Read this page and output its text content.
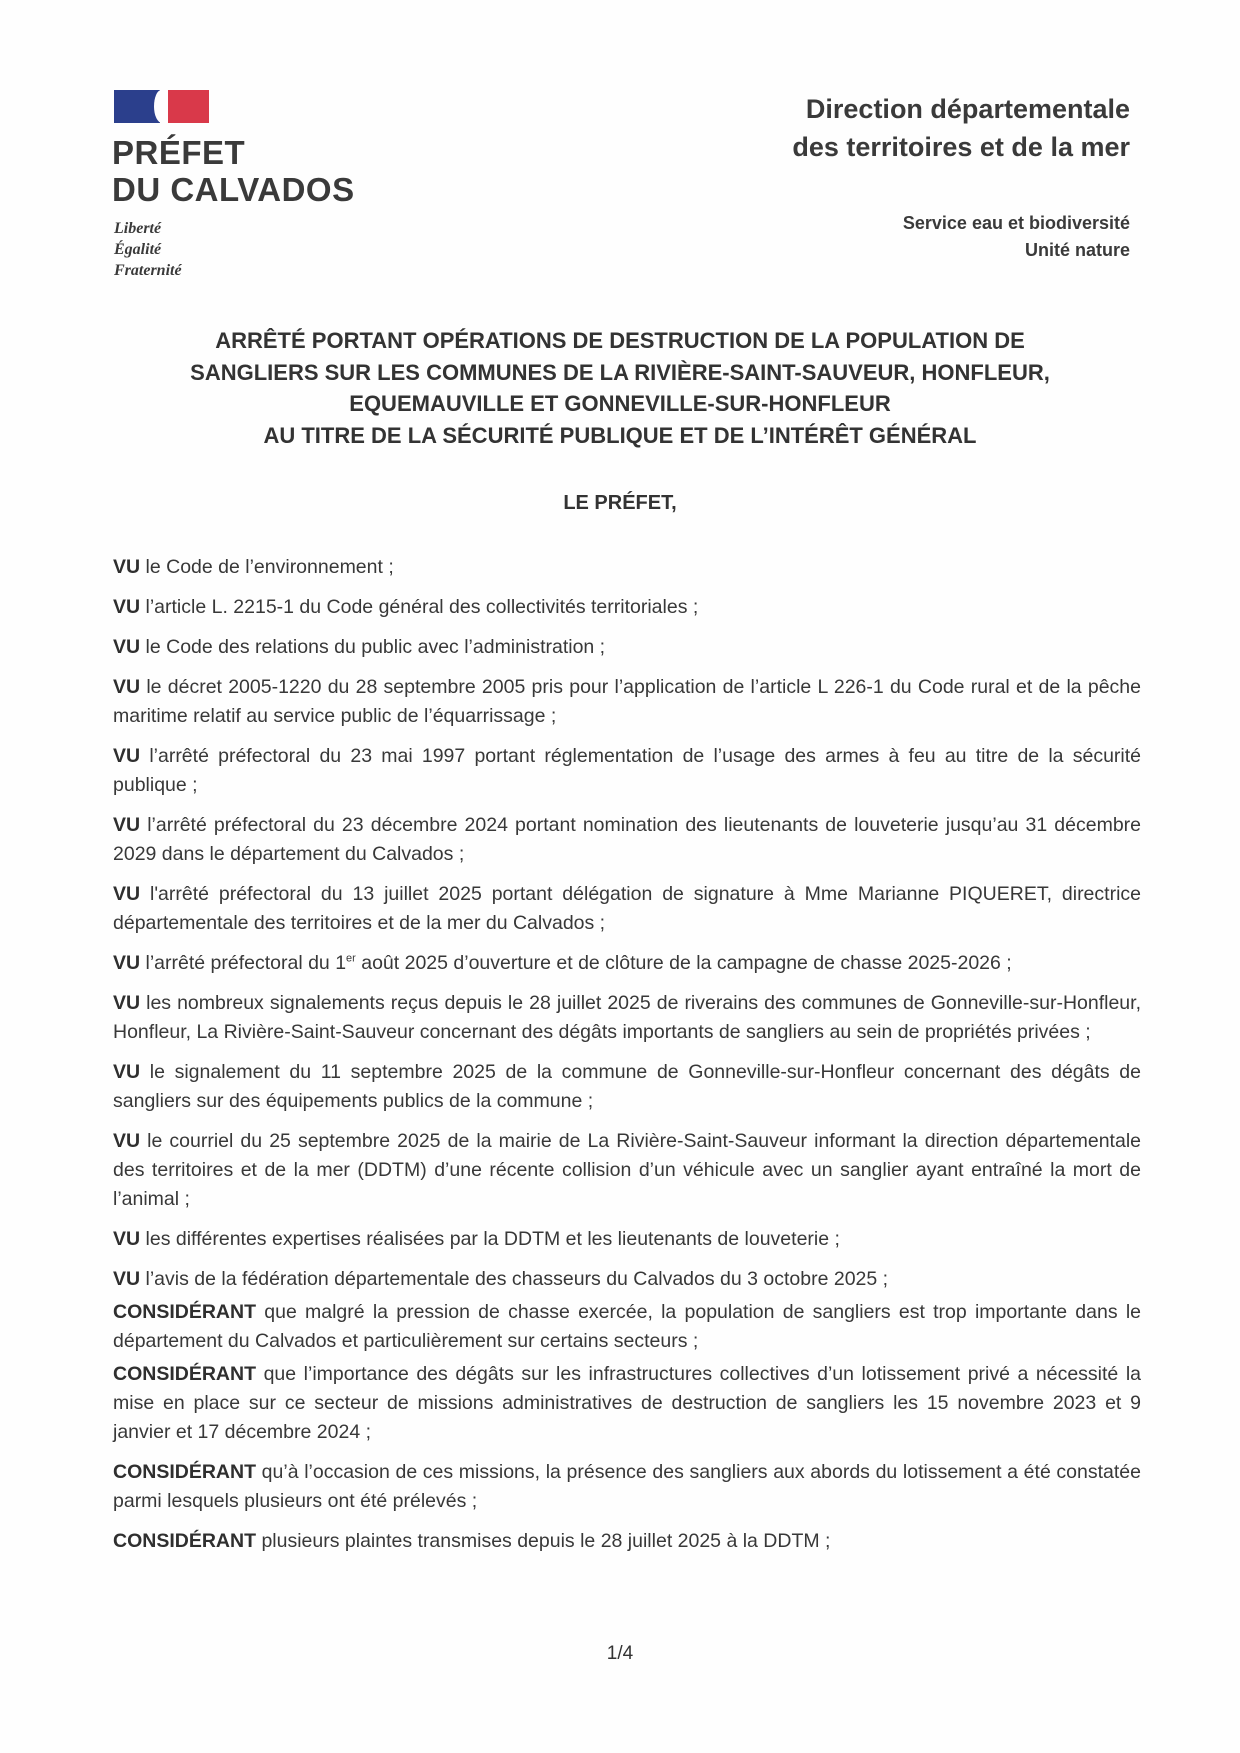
PRÉFET
DU CALVADOS
Liberté
Égalité
Fraternité
Direction départementale
des territoires et de la mer
Service eau et biodiversité
Unité nature
ARRÊTÉ PORTANT OPÉRATIONS DE DESTRUCTION DE LA POPULATION DE
SANGLIERS SUR LES COMMUNES DE LA RIVIÈRE-SAINT-SAUVEUR, HONFLEUR,
EQUEMAUVILLE ET GONNEVILLE-SUR-HONFLEUR
AU TITRE DE LA SÉCURITÉ PUBLIQUE ET DE L’INTÉRÊT GÉNÉRAL
LE PRÉFET,

VU le Code de l’environnement ;

VU l’article L. 2215-1 du Code général des collectivités territoriales ;

VU le Code des relations du public avec l’administration ;

VU le décret 2005-1220 du 28 septembre 2005 pris pour l’application de l’article L 226-1 du Code rural et de la pêche maritime relatif au service public de l’équarrissage ;

VU l’arrêté préfectoral du 23 mai 1997 portant réglementation de l’usage des armes à feu au titre de la sécurité publique ;

VU l’arrêté préfectoral du 23 décembre 2024 portant nomination des lieutenants de louveterie jusqu’au 31 décembre 2029 dans le département du Calvados ;

VU l'arrêté préfectoral du 13 juillet 2025 portant délégation de signature à Mme Marianne PIQUERET, directrice départementale des territoires et de la mer du Calvados ;

VU l’arrêté préfectoral du 1er août 2025 d’ouverture et de clôture de la campagne de chasse 2025-2026 ;

VU les nombreux signalements reçus depuis le 28 juillet 2025 de riverains des communes de Gonneville-sur-Honfleur, Honfleur, La Rivière-Saint-Sauveur concernant des dégâts importants de sangliers au sein de propriétés privées ;

VU le signalement du 11 septembre 2025 de la commune de Gonneville-sur-Honfleur concernant des dégâts de sangliers sur des équipements publics de la commune ;

VU le courriel du 25 septembre 2025 de la mairie de La Rivière-Saint-Sauveur informant la direction départementale des territoires et de la mer (DDTM) d’une récente collision d’un véhicule avec un sanglier ayant entraîné la mort de l’animal ;

VU les différentes expertises réalisées par la DDTM et les lieutenants de louveterie ;

VU l’avis de la fédération départementale des chasseurs du Calvados du 3 octobre 2025 ;

CONSIDÉRANT que malgré la pression de chasse exercée, la population de sangliers est trop importante dans le département du Calvados et particulièrement sur certains secteurs ;

CONSIDÉRANT que l’importance des dégâts sur les infrastructures collectives d’un lotissement privé a nécessité la mise en place sur ce secteur de missions administratives de destruction de sangliers les 15 novembre 2023 et 9 janvier et 17 décembre 2024 ;

CONSIDÉRANT qu’à l’occasion de ces missions, la présence des sangliers aux abords du lotissement a été constatée parmi lesquels plusieurs ont été prélevés ;

CONSIDÉRANT plusieurs plaintes transmises depuis le 28 juillet 2025 à la DDTM ;

1/4
